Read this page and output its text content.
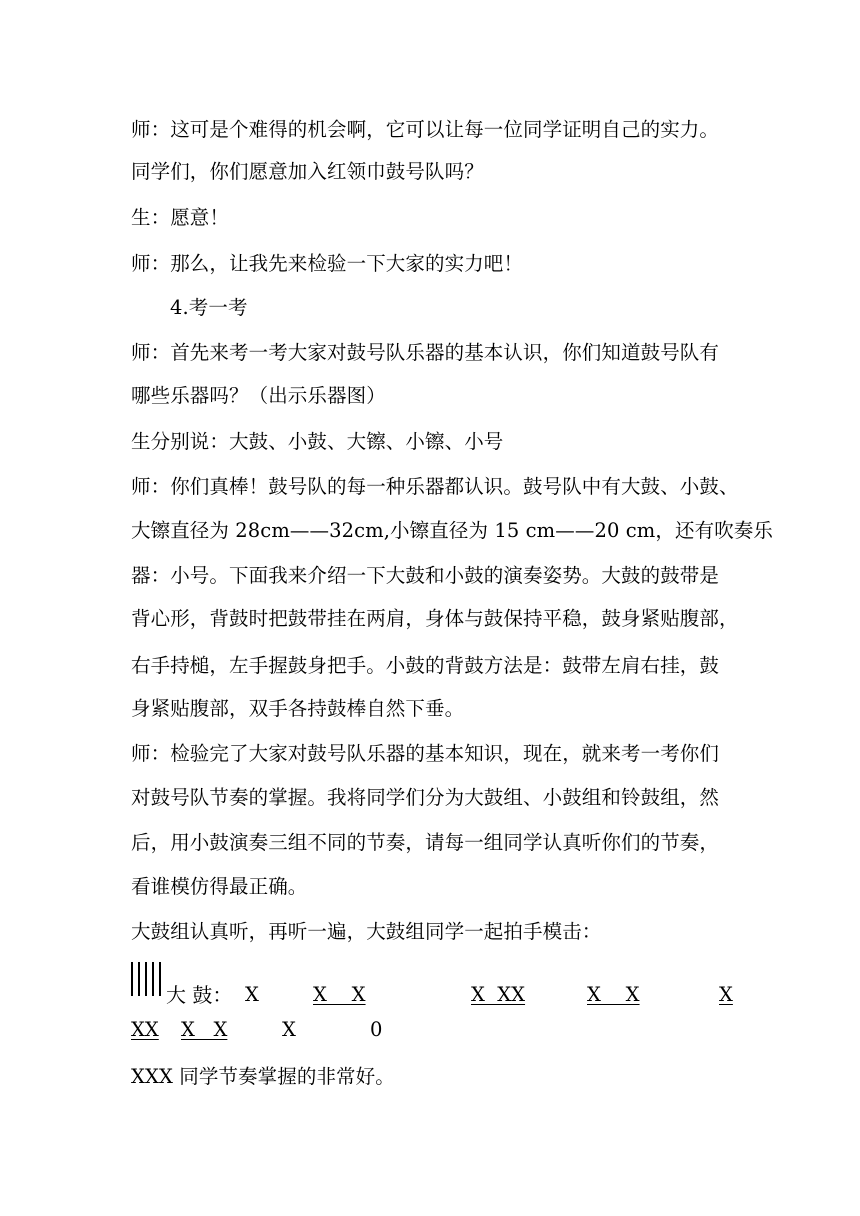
师：这可是个难得的机会啊，它可以让每一位同学证明自己的实力。
同学们，你们愿意加入红领巾鼓号队吗？
生：愿意！
师：那么，让我先来检验一下大家的实力吧！
4.考一考
师：首先来考一考大家对鼓号队乐器的基本认识，你们知道鼓号队有
哪些乐器吗？（出示乐器图）
生分别说：大鼓、小鼓、大镲、小镲、小号
师：你们真棒！鼓号队的每一种乐器都认识。鼓号队中有大鼓、小鼓、
大镲直径为 28cm——32cm,小镲直径为 15 cm——20 cm，还有吹奏乐
器：小号。下面我来介绍一下大鼓和小鼓的演奏姿势。大鼓的鼓带是
背心形，背鼓时把鼓带挂在两肩，身体与鼓保持平稳，鼓身紧贴腹部，
右手持槌，左手握鼓身把手。小鼓的背鼓方法是：鼓带左肩右挂，鼓
身紧贴腹部，双手各持鼓棒自然下垂。
师：检验完了大家对鼓号队乐器的基本知识，现在，就来考一考你们
对鼓号队节奏的掌握。我将同学们分为大鼓组、小鼓组和铃鼓组，然
后，用小鼓演奏三组不同的节奏，请每一组同学认真听你们的节奏，
看谁模仿得最正确。
大鼓组认真听，再听一遍，大鼓组同学一起拍手模击：
大 鼓： X	X    X	X  XX	X    X	X
XX X   X	X	0
XXX 同学节奏掌握的非常好。
